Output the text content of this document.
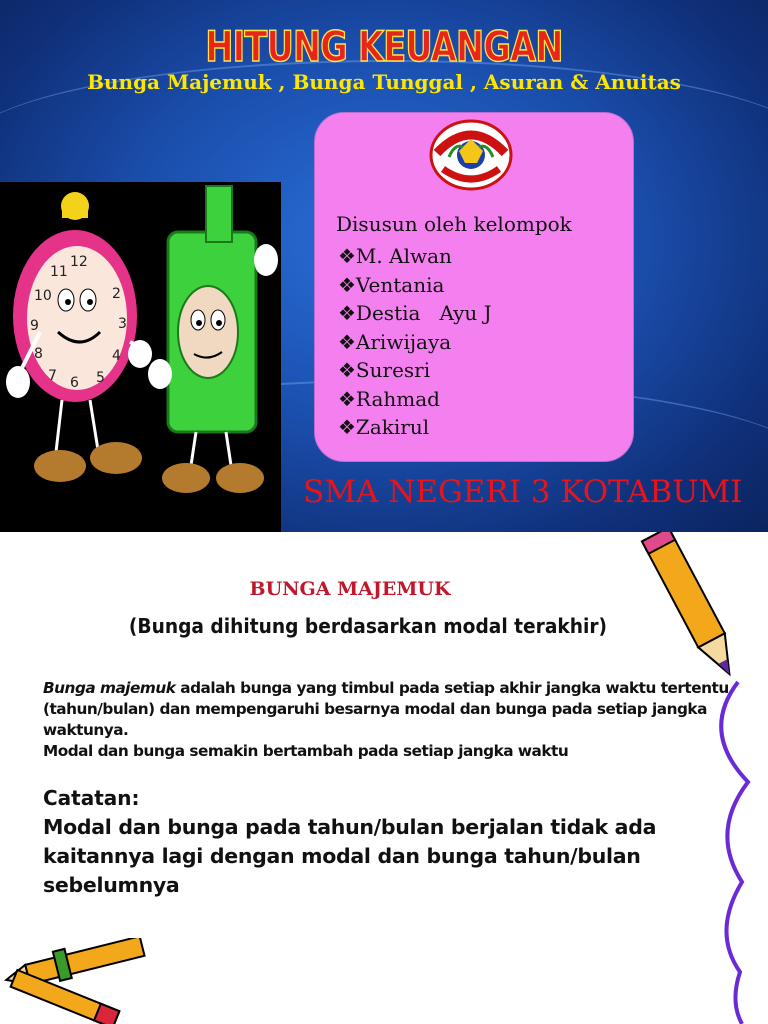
HITUNG KEUANGAN
Bunga Majemuk , Bunga Tunggal , Asuran & Anuitas
Disusun oleh kelompok
❖M. Alwan
❖Ventania
❖Destia   Ayu J
❖Ariwijaya
❖Suresri
❖Rahmad
❖Zakirul
SMA NEGERI 3 KOTABUMI
12
2
3
4
5
6
7
8
9
10
11
BUNGA MAJEMUK
(Bunga dihitung berdasarkan modal terakhir)
Bunga majemuk adalah bunga yang timbul pada setiap akhir jangka waktu tertentu (tahun/bulan) dan mempengaruhi besarnya modal dan bunga pada setiap jangka waktunya.
Modal dan bunga semakin bertambah pada setiap jangka waktu
Catatan:
Modal dan bunga pada tahun/bulan berjalan tidak ada kaitannya lagi dengan modal dan bunga tahun/bulan sebelumnya
